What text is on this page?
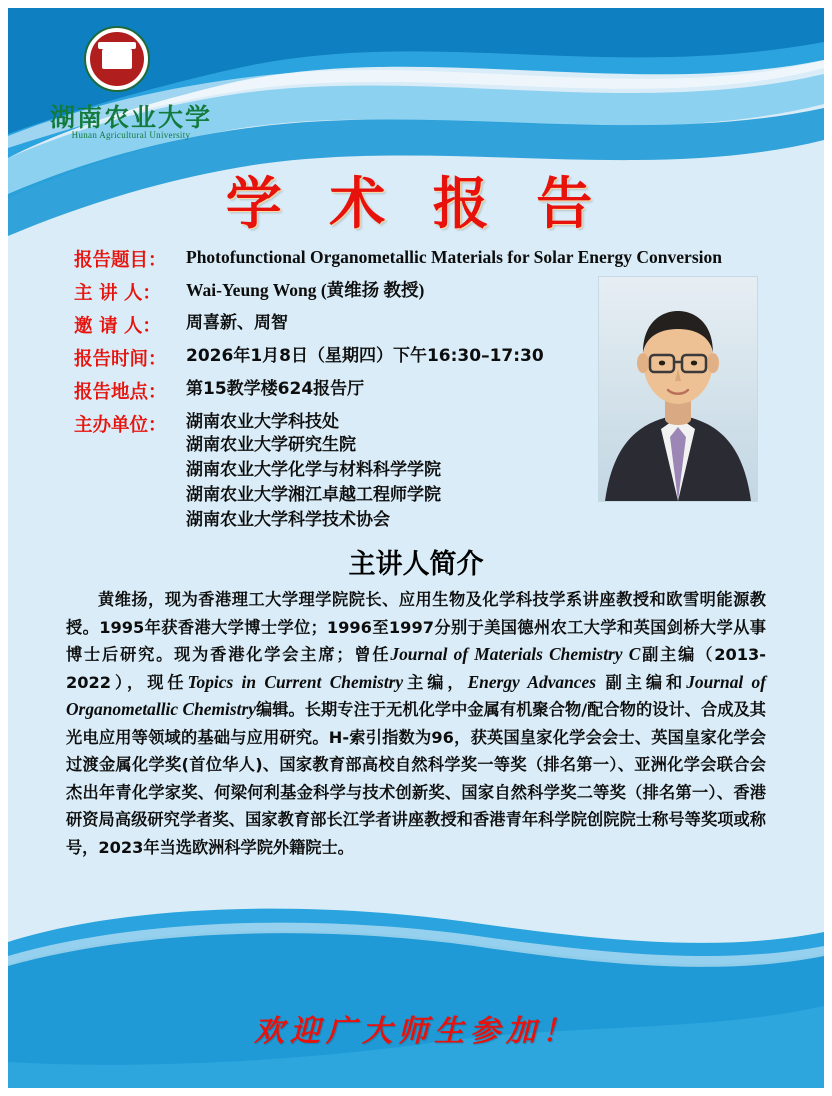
湖南农业大学
Hunan Agricultural University
学 术 报 告
报告题目：	Photofunctional Organometallic Materials for Solar Energy Conversion
主 讲 人：	Wai-Yeung Wong (黄维扬 教授)
邀 请 人：	周喜新、周智
报告时间：	2026年1月8日（星期四）下午16:30–17:30
报告地点：	第15教学楼624报告厅
主办单位：	湖南农业大学科技处
湖南农业大学研究生院
湖南农业大学化学与材料科学学院
湖南农业大学湘江卓越工程师学院
湖南农业大学科学技术协会
主讲人简介
黄维扬，现为香港理工大学理学院院长、应用生物及化学科技学系讲座教授和欧雪明能源教授。1995年获香港大学博士学位；1996至1997分别于美国德州农工大学和英国剑桥大学从事博士后研究。现为香港化学会主席；曾任Journal of Materials Chemistry C副主编（2013-2022），现任Topics in Current Chemistry主编，Energy Advances 副主编和Journal of Organometallic Chemistry编辑。长期专注于无机化学中金属有机聚合物/配合物的设计、合成及其光电应用等领域的基础与应用研究。H-索引指数为96，获英国皇家化学会会士、英国皇家化学会过渡金属化学奖(首位华人)、国家教育部高校自然科学奖一等奖（排名第一）、亚洲化学会联合会杰出年青化学家奖、何梁何利基金科学与技术创新奖、国家自然科学奖二等奖（排名第一）、香港研资局高级研究学者奖、国家教育部长江学者讲座教授和香港青年科学院创院院士称号等奖项或称号，2023年当选欧洲科学院外籍院士。
欢迎广大师生参加！
